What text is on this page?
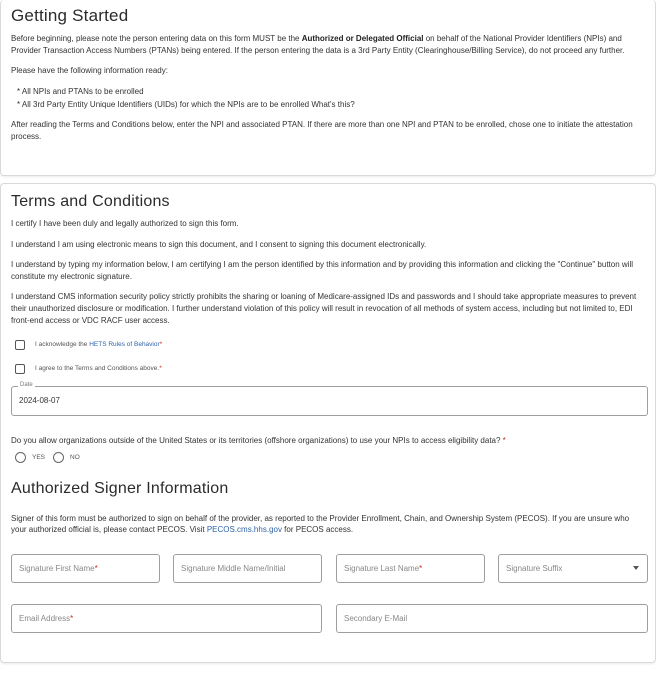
Getting Started

Before beginning, please note the person entering data on this form MUST be the Authorized or Delegated Official on behalf of the National Provider Identifiers (NPIs) and Provider Transaction Access Numbers (PTANs) being entered. If the person entering the data is a 3rd Party Entity (Clearinghouse/Billing Service), do not proceed any further.

Please have the following information ready:

* All NPIs and PTANs to be enrolled
* All 3rd Party Entity Unique Identifiers (UIDs) for which the NPIs are to be enrolled What's this?

After reading the Terms and Conditions below, enter the NPI and associated PTAN. If there are more than one NPI and PTAN to be enrolled, chose one to initiate the attestation process.

Terms and Conditions

I certify I have been duly and legally authorized to sign this form.

I understand I am using electronic means to sign this document, and I consent to signing this document electronically.

I understand by typing my information below, I am certifying I am the person identified by this information and by providing this information and clicking the "Continue" button will constitute my electronic signature.

I understand CMS information security policy strictly prohibits the sharing or loaning of Medicare-assigned IDs and passwords and I should take appropriate measures to prevent their unauthorized disclosure or modification. I further understand violation of this policy will result in revocation of all methods of system access, including but not limited to, EDI front-end access or VDC RACF user access.

I acknowledge the HETS Rules of Behavior*
I agree to the Terms and Conditions above.*
Date
2024-08-07

Do you allow organizations outside of the United States or its territories (offshore organizations) to use your NPIs to access eligibility data? *

YES	NO
Authorized Signer Information

Signer of this form must be authorized to sign on behalf of the provider, as reported to the Provider Enrollment, Chain, and Ownership System (PECOS). If you are unsure who your authorized official is, please contact PECOS. Visit PECOS.cms.hhs.gov for PECOS access.

Signature First Name *	Signature Middle Name/Initial	Signature Last Name *	Signature Suffix
Email Address *	Secondary E-Mail
